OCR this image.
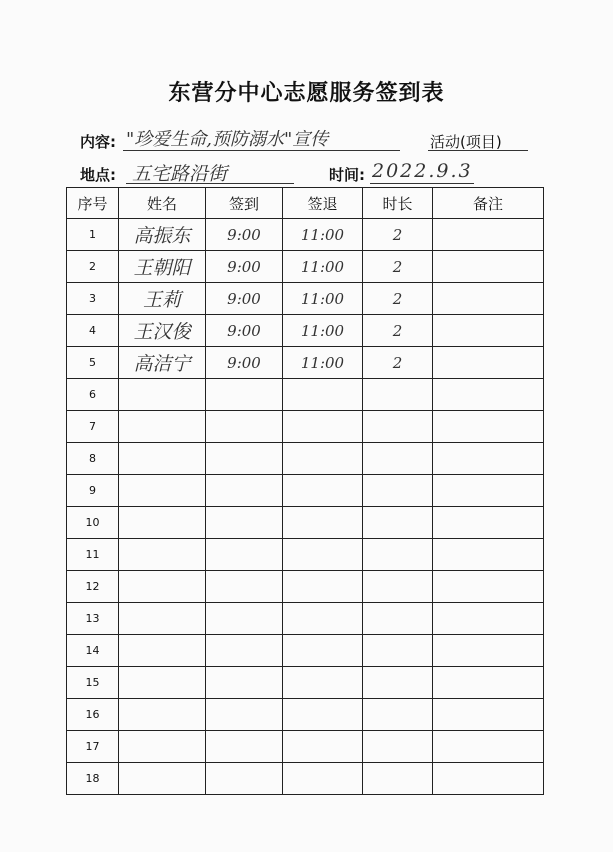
东营分中心志愿服务签到表
内容: "珍爱生命,预防溺水"宣传	活动(项目)
地点: 五宅路沿街	时间: 2022.9.3
序号	姓名	签到	签退	时长	备注
1	高振东	9:00	11:00	2	
2	王朝阳	9:00	11:00	2	
3	王莉	9:00	11:00	2	
4	王汉俊	9:00	11:00	2	
5	高洁宁	9:00	11:00	2	
6					
7					
8					
9					
10					
11					
12					
13					
14					
15					
16					
17					
18					
